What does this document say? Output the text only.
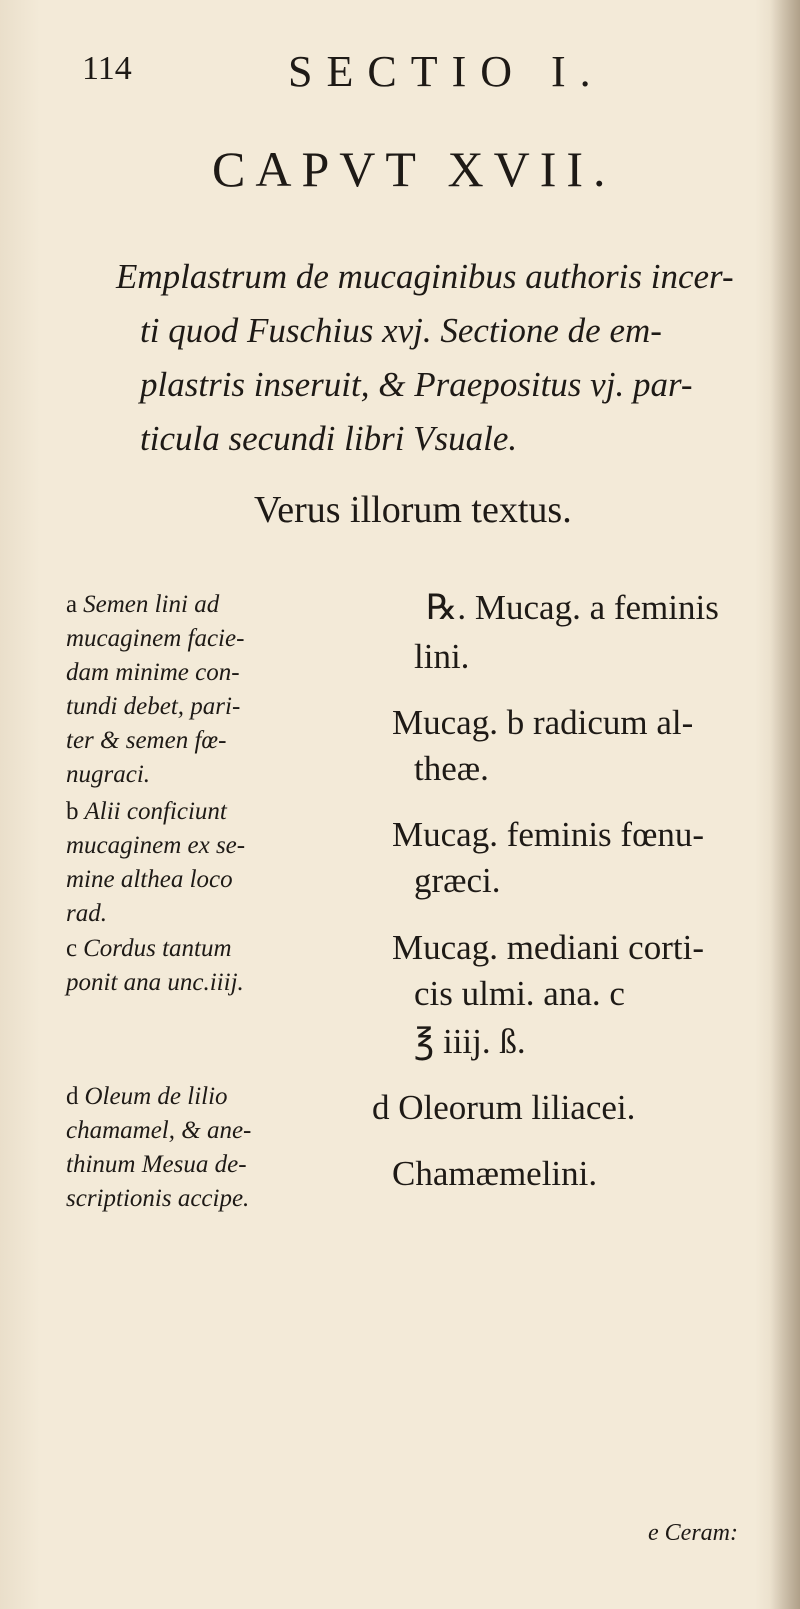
114	SECTIO I.
CAPVT XVII.
Emplastrum de mucaginibus authoris incer-
ti quod Fuschius xvj. Sectione de em-
plastris inseruit, & Praepositus vj. par-
ticula secundi libri Vsuale.
Verus illorum textus.
a Semen lini ad
mucaginem facie-
dam minime con-
tundi debet, pari-
ter & semen fœ-
nugraci.
b Alii conficiunt
mucaginem ex se-
mine althea loco
rad.
c Cordus tantum
ponit ana unc.iiij.
d Oleum de lilio
chamamel, & ane-
thinum Mesua de-
scriptionis accipe.
℞. Mucag. a feminis
lini.
Mucag. b radicum al-
theæ.
Mucag. feminis fœnu-
græci.
Mucag. mediani corti-
cis ulmi. ana. c
℥ iiij. ß.
d Oleorum liliacei.
Chamæmelini.
e Ceram:
